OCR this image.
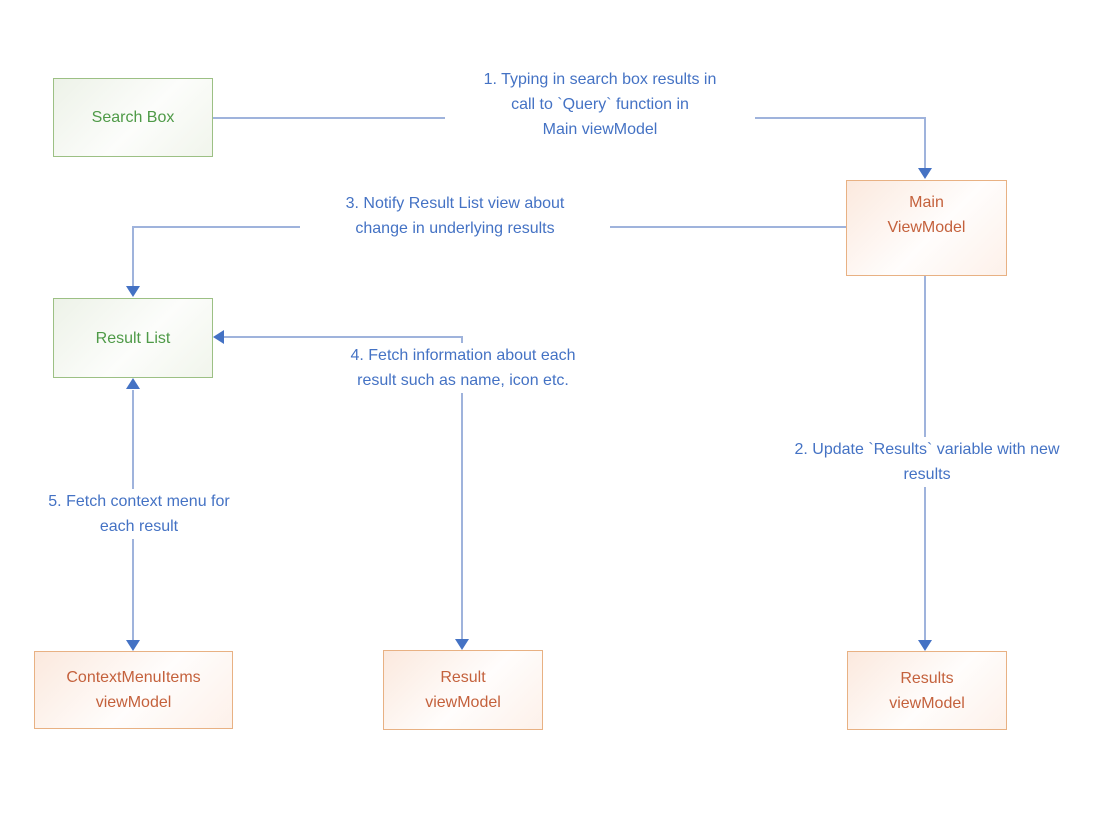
1. Typing in search box results in
call to `Query` function in
Main viewModel
2. Update `Results` variable with new
results
3. Notify Result List view about
change in underlying results
4. Fetch information about each
result such as name, icon etc.
5. Fetch context menu for
each result
Search Box
Main
ViewModel
Result List
ContextMenuItems
viewModel
Result
viewModel
Results
viewModel
